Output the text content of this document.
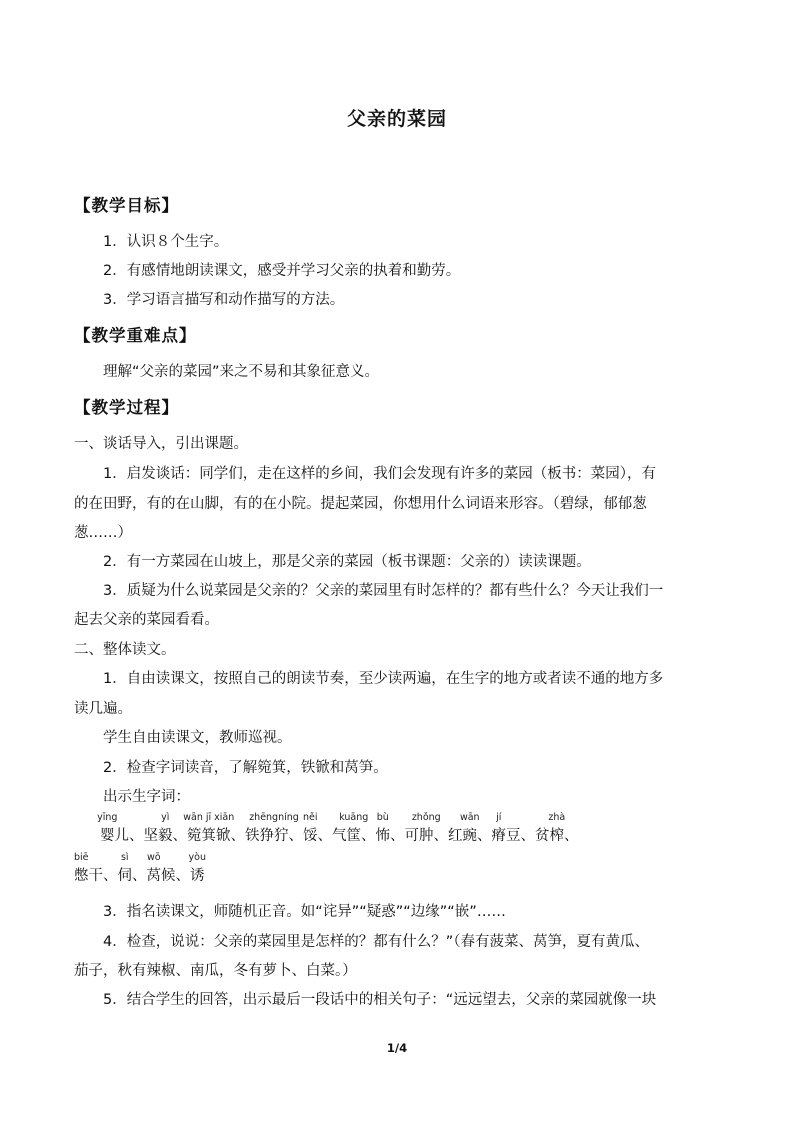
父亲的菜园
【教学目标】
1．认识８个生字。
2．有感情地朗读课文，感受并学习父亲的执着和勤劳。
3．学习语言描写和动作描写的方法。
【教学重难点】
理解“父亲的菜园”来之不易和其象征意义。
【教学过程】
一、谈话导入，引出课题。
1．启发谈话：同学们，走在这样的乡间，我们会发现有许多的菜园（板书：菜园），有
的在田野，有的在山脚，有的在小院。提起菜园，你想用什么词语来形容。（碧绿，郁郁葱
葱……）
2．有一方菜园在山坡上，那是父亲的菜园（板书课题：父亲的）读读课题。
3．质疑为什么说菜园是父亲的？父亲的菜园里有时怎样的？都有些什么？今天让我们一
起去父亲的菜园看看。
二、整体读文。
1．自由读课文，按照自己的朗读节奏，至少读两遍，在生字的地方或者读不通的地方多
读几遍。
学生自由读课文，教师巡视。
2．检查字词读音，了解箢箕，铁锨和莴笋。
出示生字词：
yīng
婴儿、坚
yì
毅、
wān jī xiān
箢箕锨、铁
zhēngníng
狰狞、
něi
馁、气
kuāng
筐、
bù
怖、可
zhǒng
肿、红
wān
豌、
jí
瘠豆、贫
zhà
榨、
biē
憋干、
sì
伺、
wō
莴候、
yòu
诱
3．指名读课文，师随机正音。如“诧异”“疑惑”“边缘”“嵌”……
4．检查，说说：父亲的菜园里是怎样的？都有什么？”（春有菠菜、莴笋，夏有黄瓜、
茄子，秋有辣椒、南瓜，冬有萝卜、白菜。）
5．结合学生的回答，出示最后一段话中的相关句子：“远远望去，父亲的菜园就像一块
1/4
